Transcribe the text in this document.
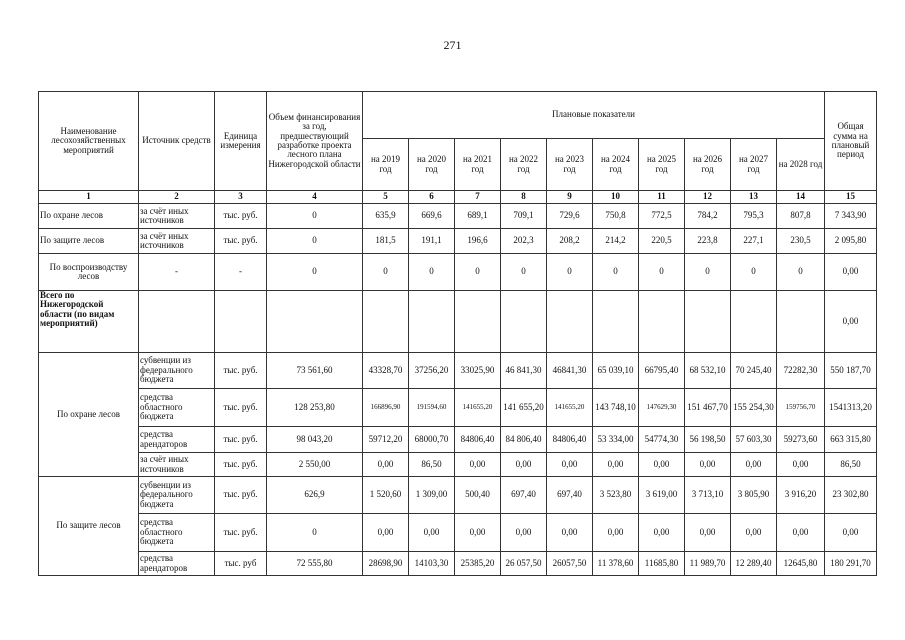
271
Наименование лесохозяйственных мероприятий	Источник средств	Единица измерения	Объем финансирования за год, предшествующий разработке проекта лесного плана Нижегородской области	Плановые показатели										Общая сумма на плановый период
				на 2019 год	на 2020 год	на 2021 год	на 2022 год	на 2023 год	на 2024 год	на 2025 год	на 2026 год	на 2027 год	на 2028 год	
1	2	3	4	5	6	7	8	9	10	11	12	13	14	15
По охране лесов	за счёт иных источников	тыс. руб.	0	635,9	669,6	689,1	709,1	729,6	750,8	772,5	784,2	795,3	807,8	7 343,90
По защите лесов	за счёт иных источников	тыс. руб.	0	181,5	191,1	196,6	202,3	208,2	214,2	220,5	223,8	227,1	230,5	2 095,80
По воспроизводству лесов	-	-	0	0	0	0	0	0	0	0	0	0	0	0,00
Всего по Нижегородской области (по видам мероприятий)														0,00
По охране лесов	субвенции из федерального бюджета	тыс. руб.	73 561,60	43328,70	37256,20	33025,90	46 841,30	46841,30	65 039,10	66795,40	68 532,10	70 245,40	72282,30	550 187,70
	средства областного бюджета	тыс. руб.	128 253,80	166896,90	191594,60	141655,20	141 655,20	141655,20	143 748,10	147629,30	151 467,70	155 254,30	159756,70	1541313,20
	средства арендаторов	тыс. руб.	98 043,20	59712,20	68000,70	84806,40	84 806,40	84806,40	53 334,00	54774,30	56 198,50	57 603,30	59273,60	663 315,80
	за счёт иных источников	тыс. руб.	2 550,00	0,00	86,50	0,00	0,00	0,00	0,00	0,00	0,00	0,00	0,00	86,50
По защите лесов	субвенции из федерального бюджета	тыс. руб.	626,9	1 520,60	1 309,00	500,40	697,40	697,40	3 523,80	3 619,00	3 713,10	3 805,90	3 916,20	23 302,80
	средства областного бюджета	тыс. руб.	0	0,00	0,00	0,00	0,00	0,00	0,00	0,00	0,00	0,00	0,00	0,00
	средства арендаторов	тыс. руб	72 555,80	28698,90	14103,30	25385,20	26 057,50	26057,50	11 378,60	11685,80	11 989,70	12 289,40	12645,80	180 291,70
